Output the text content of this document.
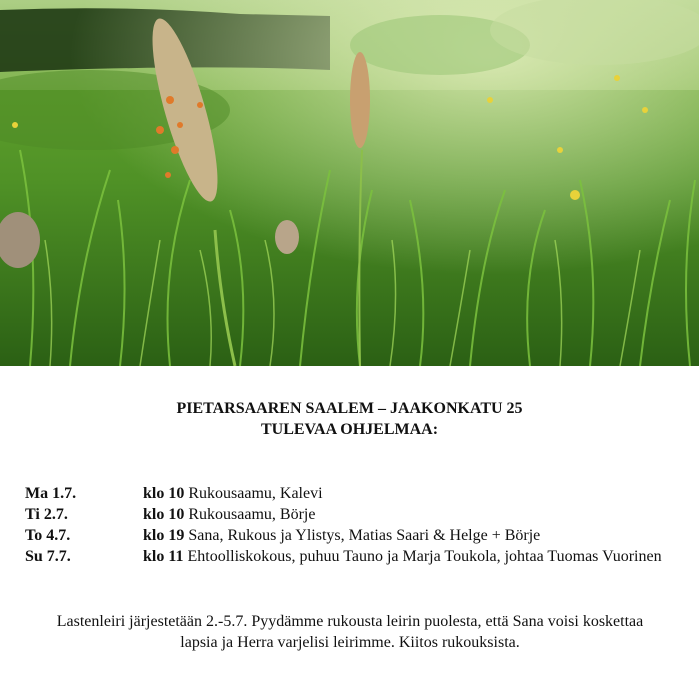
PIETARSAAREN SAALEM – JAAKONKATU 25
TULEVAA OHJELMAA:
Ma 1.7.	klo 10 Rukousaamu, Kalevi
Ti 2.7.	klo 10 Rukousaamu, Börje
To 4.7.	klo 19 Sana, Rukous ja Ylistys, Matias Saari & Helge + Börje
Su 7.7.	klo 11 Ehtoolliskokous, puhuu Tauno ja Marja Toukola, johtaa Tuomas Vuorinen
Lastenleiri järjestetään 2.-5.7. Pyydämme rukousta leirin puolesta, että Sana voisi koskettaa lapsia ja Herra varjelisi leirimme. Kiitos rukouksista.
